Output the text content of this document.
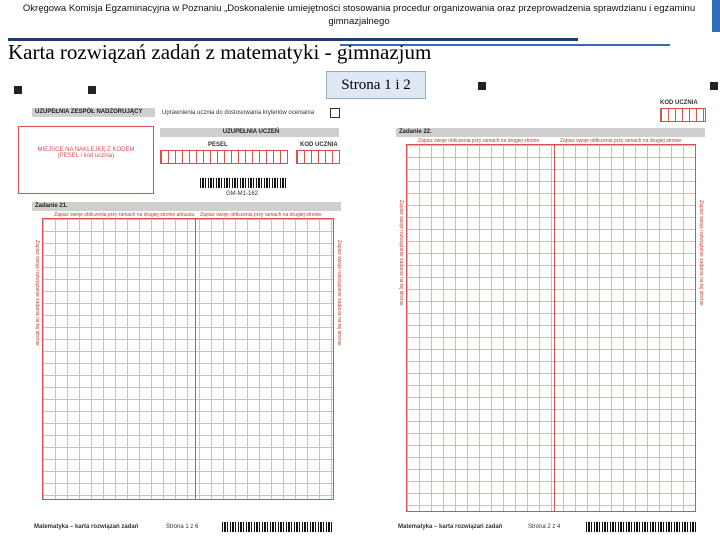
Okręgowa Komisja Egzaminacyjna w Poznaniu „Doskonalenie umiejętności stosowania procedur organizowania oraz przeprowadzenia sprawdzianu i egzaminu gimnazjalnego
Karta rozwiązań zadań z matematyki - gimnazjum
Strona 1 i 2
UZUPEŁNIA ZESPÓŁ NADZORUJĄCY	Uprawnienia ucznia do dostosowania kryteriów oceniania
MIEJSCE NA NAKLEJKĘ Z KODEM (PESEL i kod ucznia)
UZUPEŁNIA UCZEŃ
PESEL	KOD UCZNIA
GM-M1-162
Zadanie 21.
Zapisz swoje obliczenia przy ramach na drugiej stronie arkusza. Zapisz swoje obliczenia przy ramach na drugiej stronie.
Zapisz swoje rozwiązanie zadania na tej stronie	Zapisz swoje rozwiązanie zadania na tej stronie
Matematyka – karta rozwiązań zadań	Strona 1 z 6
KOD UCZNIA
Zadanie 22.
Zapisz swoje obliczenia przy ramach na drugiej stronie.	Zapisz swoje obliczenia przy ramach na drugiej stronie.
Zapisz swoje rozwiązanie zadania na tej stronie	Zapisz swoje rozwiązanie zadania na tej stronie
Matematyka – karta rozwiązań zadań	Strona 2 z 4
